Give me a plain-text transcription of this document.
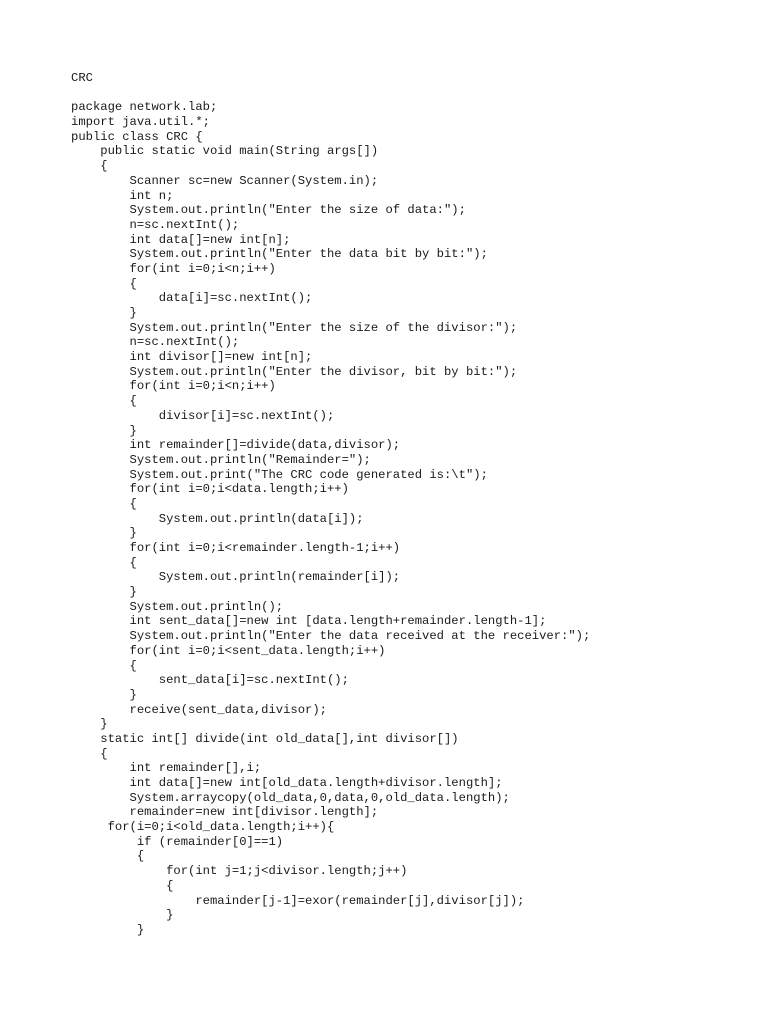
CRC

package network.lab;
import java.util.*;
public class CRC {
public static void main(String args[])
{
Scanner sc=new Scanner(System.in);
int n;
System.out.println("Enter the size of data:");
n=sc.nextInt();
int data[]=new int[n];
System.out.println("Enter the data bit by bit:");
for(int i=0;i<n;i++)
{
data[i]=sc.nextInt();
}
System.out.println("Enter the size of the divisor:");
n=sc.nextInt();
int divisor[]=new int[n];
System.out.println("Enter the divisor, bit by bit:");
for(int i=0;i<n;i++)
{
divisor[i]=sc.nextInt();
}
int remainder[]=divide(data,divisor);
System.out.println("Remainder=");
System.out.print("The CRC code generated is:\t");
for(int i=0;i<data.length;i++)
{
System.out.println(data[i]);
}
for(int i=0;i<remainder.length-1;i++)
{
System.out.println(remainder[i]);
}
System.out.println();
int sent_data[]=new int [data.length+remainder.length-1];
System.out.println("Enter the data received at the receiver:");
for(int i=0;i<sent_data.length;i++)
{
sent_data[i]=sc.nextInt();
}
receive(sent_data,divisor);
}
static int[] divide(int old_data[],int divisor[])
{
int remainder[],i;
int data[]=new int[old_data.length+divisor.length];
System.arraycopy(old_data,0,data,0,old_data.length);
remainder=new int[divisor.length];
for(i=0;i<old_data.length;i++){
if (remainder[0]==1)
{
for(int j=1;j<divisor.length;j++)
{
remainder[j-1]=exor(remainder[j],divisor[j]);
}
}
